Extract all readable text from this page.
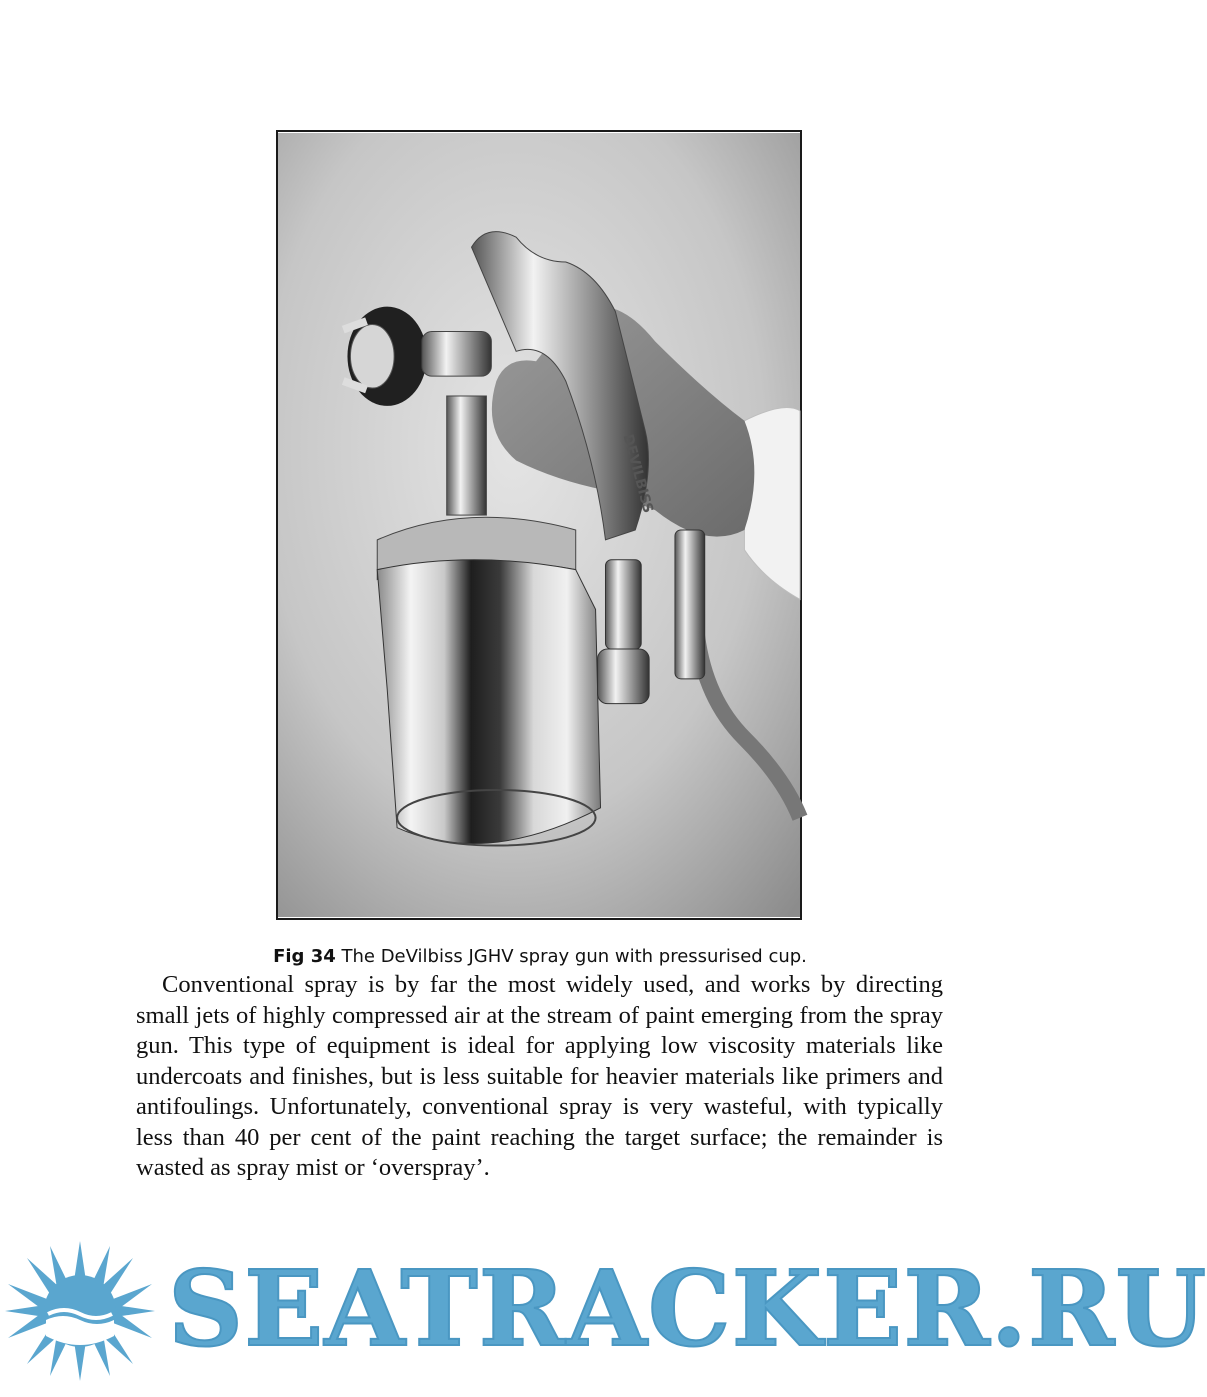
DEVILBISS
Fig 34 The DeVilbiss JGHV spray gun with pressurised cup.

Conventional spray is by far the most widely used, and works by directing small jets of highly compressed air at the stream of paint emerging from the spray gun. This type of equipment is ideal for applying low viscosity materials like undercoats and finishes, but is less suitable for heavier materials like primers and antifoulings. Unfortunately, conventional spray is very wasteful, with typically less than 40 per cent of the paint reaching the target surface; the remainder is wasted as spray mist or ‘overspray’.

SEATRACKER.RU
